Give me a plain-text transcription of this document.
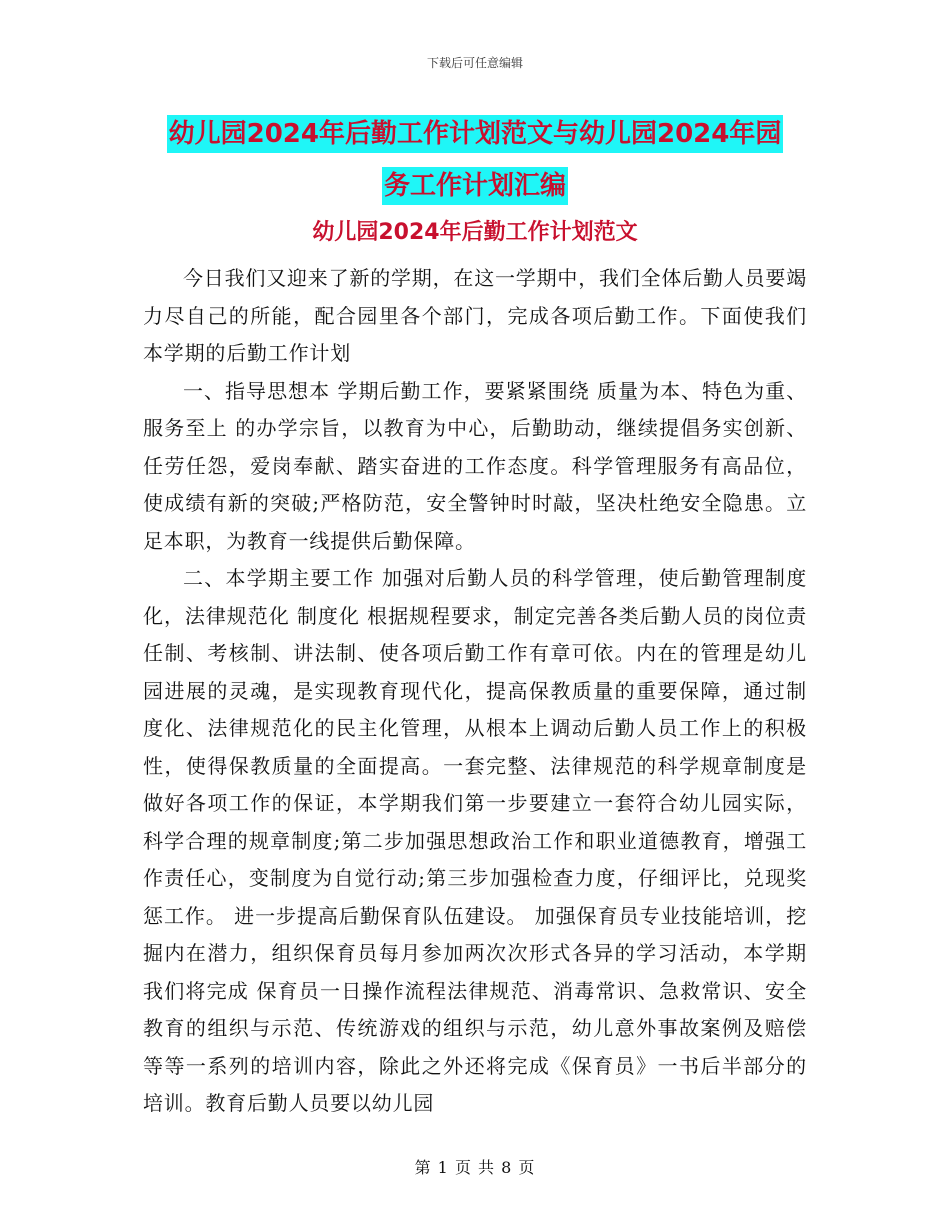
下载后可任意编辑
幼儿园2024年后勤工作计划范文与幼儿园2024年园
务工作计划汇编
幼儿园2024年后勤工作计划范文

今日我们又迎来了新的学期，在这一学期中，我们全体后勤人员要竭力尽自己的所能，配合园里各个部门，完成各项后勤工作。下面使我们本学期的后勤工作计划

一、指导思想本 学期后勤工作，要紧紧围绕 质量为本、特色为重、服务至上 的办学宗旨，以教育为中心，后勤助动，继续提倡务实创新、任劳任怨，爱岗奉献、踏实奋进的工作态度。科学管理服务有高品位，使成绩有新的突破;严格防范，安全警钟时时敲，坚决杜绝安全隐患。立足本职，为教育一线提供后勤保障。

二、本学期主要工作 加强对后勤人员的科学管理，使后勤管理制度化，法律规范化 制度化 根据规程要求，制定完善各类后勤人员的岗位责任制、考核制、讲法制、使各项后勤工作有章可依。内在的管理是幼儿园进展的灵魂，是实现教育现代化，提高保教质量的重要保障，通过制度化、法律规范化的民主化管理，从根本上调动后勤人员工作上的积极性，使得保教质量的全面提高。一套完整、法律规范的科学规章制度是做好各项工作的保证，本学期我们第一步要建立一套符合幼儿园实际，科学合理的规章制度;第二步加强思想政治工作和职业道德教育，增强工作责任心，变制度为自觉行动;第三步加强检查力度，仔细评比，兑现奖惩工作。 进一步提高后勤保育队伍建设。 加强保育员专业技能培训，挖掘内在潜力，组织保育员每月参加两次次形式各异的学习活动，本学期我们将完成 保育员一日操作流程法律规范、消毒常识、急救常识、安全教育的组织与示范、传统游戏的组织与示范，幼儿意外事故案例及赔偿等等一系列的培训内容，除此之外还将完成《保育员》一书后半部分的培训。教育后勤人员要以幼儿园

第 1 页 共 8 页
